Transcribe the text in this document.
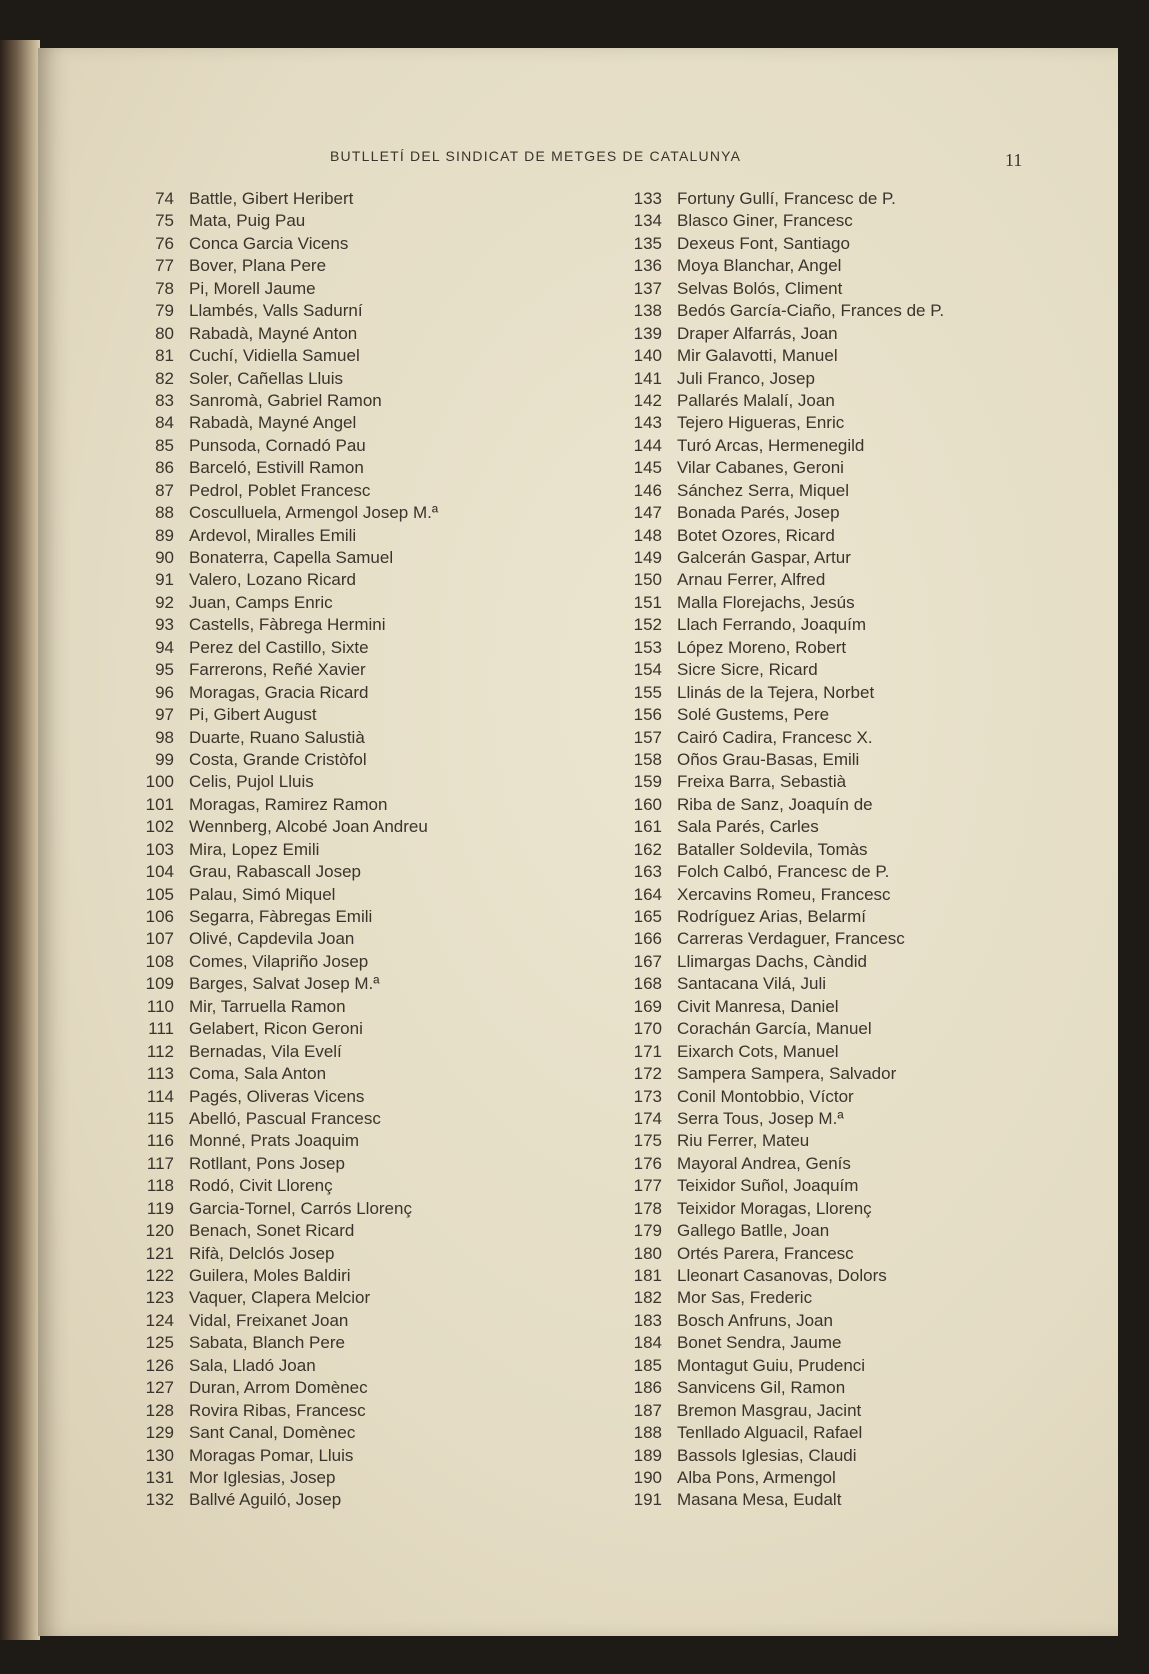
BUTLLETÍ DEL SINDICAT DE METGES DE CATALUNYA	11
74 Battle, Gibert Heribert
75 Mata, Puig Pau
76 Conca Garcia Vicens
77 Bover, Plana Pere
78 Pi, Morell Jaume
79 Llambés, Valls Sadurní
80 Rabadà, Mayné Anton
81 Cuchí, Vidiella Samuel
82 Soler, Cañellas Lluis
83 Sanromà, Gabriel Ramon
84 Rabadà, Mayné Angel
85 Punsoda, Cornadó Pau
86 Barceló, Estivill Ramon
87 Pedrol, Poblet Francesc
88 Cosculluela, Armengol Josep M.ª
89 Ardevol, Miralles Emili
90 Bonaterra, Capella Samuel
91 Valero, Lozano Ricard
92 Juan, Camps Enric
93 Castells, Fàbrega Hermini
94 Perez del Castillo, Sixte
95 Farrerons, Reñé Xavier
96 Moragas, Gracia Ricard
97 Pi, Gibert August
98 Duarte, Ruano Salustià
99 Costa, Grande Cristòfol
100 Celis, Pujol Lluis
101 Moragas, Ramirez Ramon
102 Wennberg, Alcobé Joan Andreu
103 Mira, Lopez Emili
104 Grau, Rabascall Josep
105 Palau, Simó Miquel
106 Segarra, Fàbregas Emili
107 Olivé, Capdevila Joan
108 Comes, Vilapriño Josep
109 Barges, Salvat Josep M.ª
110 Mir, Tarruella Ramon
111 Gelabert, Ricon Geroni
112 Bernadas, Vila Evelí
113 Coma, Sala Anton
114 Pagés, Oliveras Vicens
115 Abelló, Pascual Francesc
116 Monné, Prats Joaquim
117 Rotllant, Pons Josep
118 Rodó, Civit Llorenç
119 Garcia-Tornel, Carrós Llorenç
120 Benach, Sonet Ricard
121 Rifà, Delclós Josep
122 Guilera, Moles Baldiri
123 Vaquer, Clapera Melcior
124 Vidal, Freixanet Joan
125 Sabata, Blanch Pere
126 Sala, Lladó Joan
127 Duran, Arrom Domènec
128 Rovira Ribas, Francesc
129 Sant Canal, Domènec
130 Moragas Pomar, Lluis
131 Mor Iglesias, Josep
132 Ballvé Aguiló, Josep
133 Fortuny Gullí, Francesc de P.
134 Blasco Giner, Francesc
135 Dexeus Font, Santiago
136 Moya Blanchar, Angel
137 Selvas Bolós, Climent
138 Bedós García-Ciaño, Frances de P.
139 Draper Alfarrás, Joan
140 Mir Galavotti, Manuel
141 Juli Franco, Josep
142 Pallarés Malalí, Joan
143 Tejero Higueras, Enric
144 Turó Arcas, Hermenegild
145 Vilar Cabanes, Geroni
146 Sánchez Serra, Miquel
147 Bonada Parés, Josep
148 Botet Ozores, Ricard
149 Galcerán Gaspar, Artur
150 Arnau Ferrer, Alfred
151 Malla Florejachs, Jesús
152 Llach Ferrando, Joaquím
153 López Moreno, Robert
154 Sicre Sicre, Ricard
155 Llinás de la Tejera, Norbet
156 Solé Gustems, Pere
157 Cairó Cadira, Francesc X.
158 Oños Grau-Basas, Emili
159 Freixa Barra, Sebastià
160 Riba de Sanz, Joaquín de
161 Sala Parés, Carles
162 Bataller Soldevila, Tomàs
163 Folch Calbó, Francesc de P.
164 Xercavins Romeu, Francesc
165 Rodríguez Arias, Belarmí
166 Carreras Verdaguer, Francesc
167 Llimargas Dachs, Càndid
168 Santacana Vilá, Juli
169 Civit Manresa, Daniel
170 Corachán García, Manuel
171 Eixarch Cots, Manuel
172 Sampera Sampera, Salvador
173 Conil Montobbio, Víctor
174 Serra Tous, Josep M.ª
175 Riu Ferrer, Mateu
176 Mayoral Andrea, Genís
177 Teixidor Suñol, Joaquím
178 Teixidor Moragas, Llorenç
179 Gallego Batlle, Joan
180 Ortés Parera, Francesc
181 Lleonart Casanovas, Dolors
182 Mor Sas, Frederic
183 Bosch Anfruns, Joan
184 Bonet Sendra, Jaume
185 Montagut Guiu, Prudenci
186 Sanvicens Gil, Ramon
187 Bremon Masgrau, Jacint
188 Tenllado Alguacil, Rafael
189 Bassols Iglesias, Claudi
190 Alba Pons, Armengol
191 Masana Mesa, Eudalt
